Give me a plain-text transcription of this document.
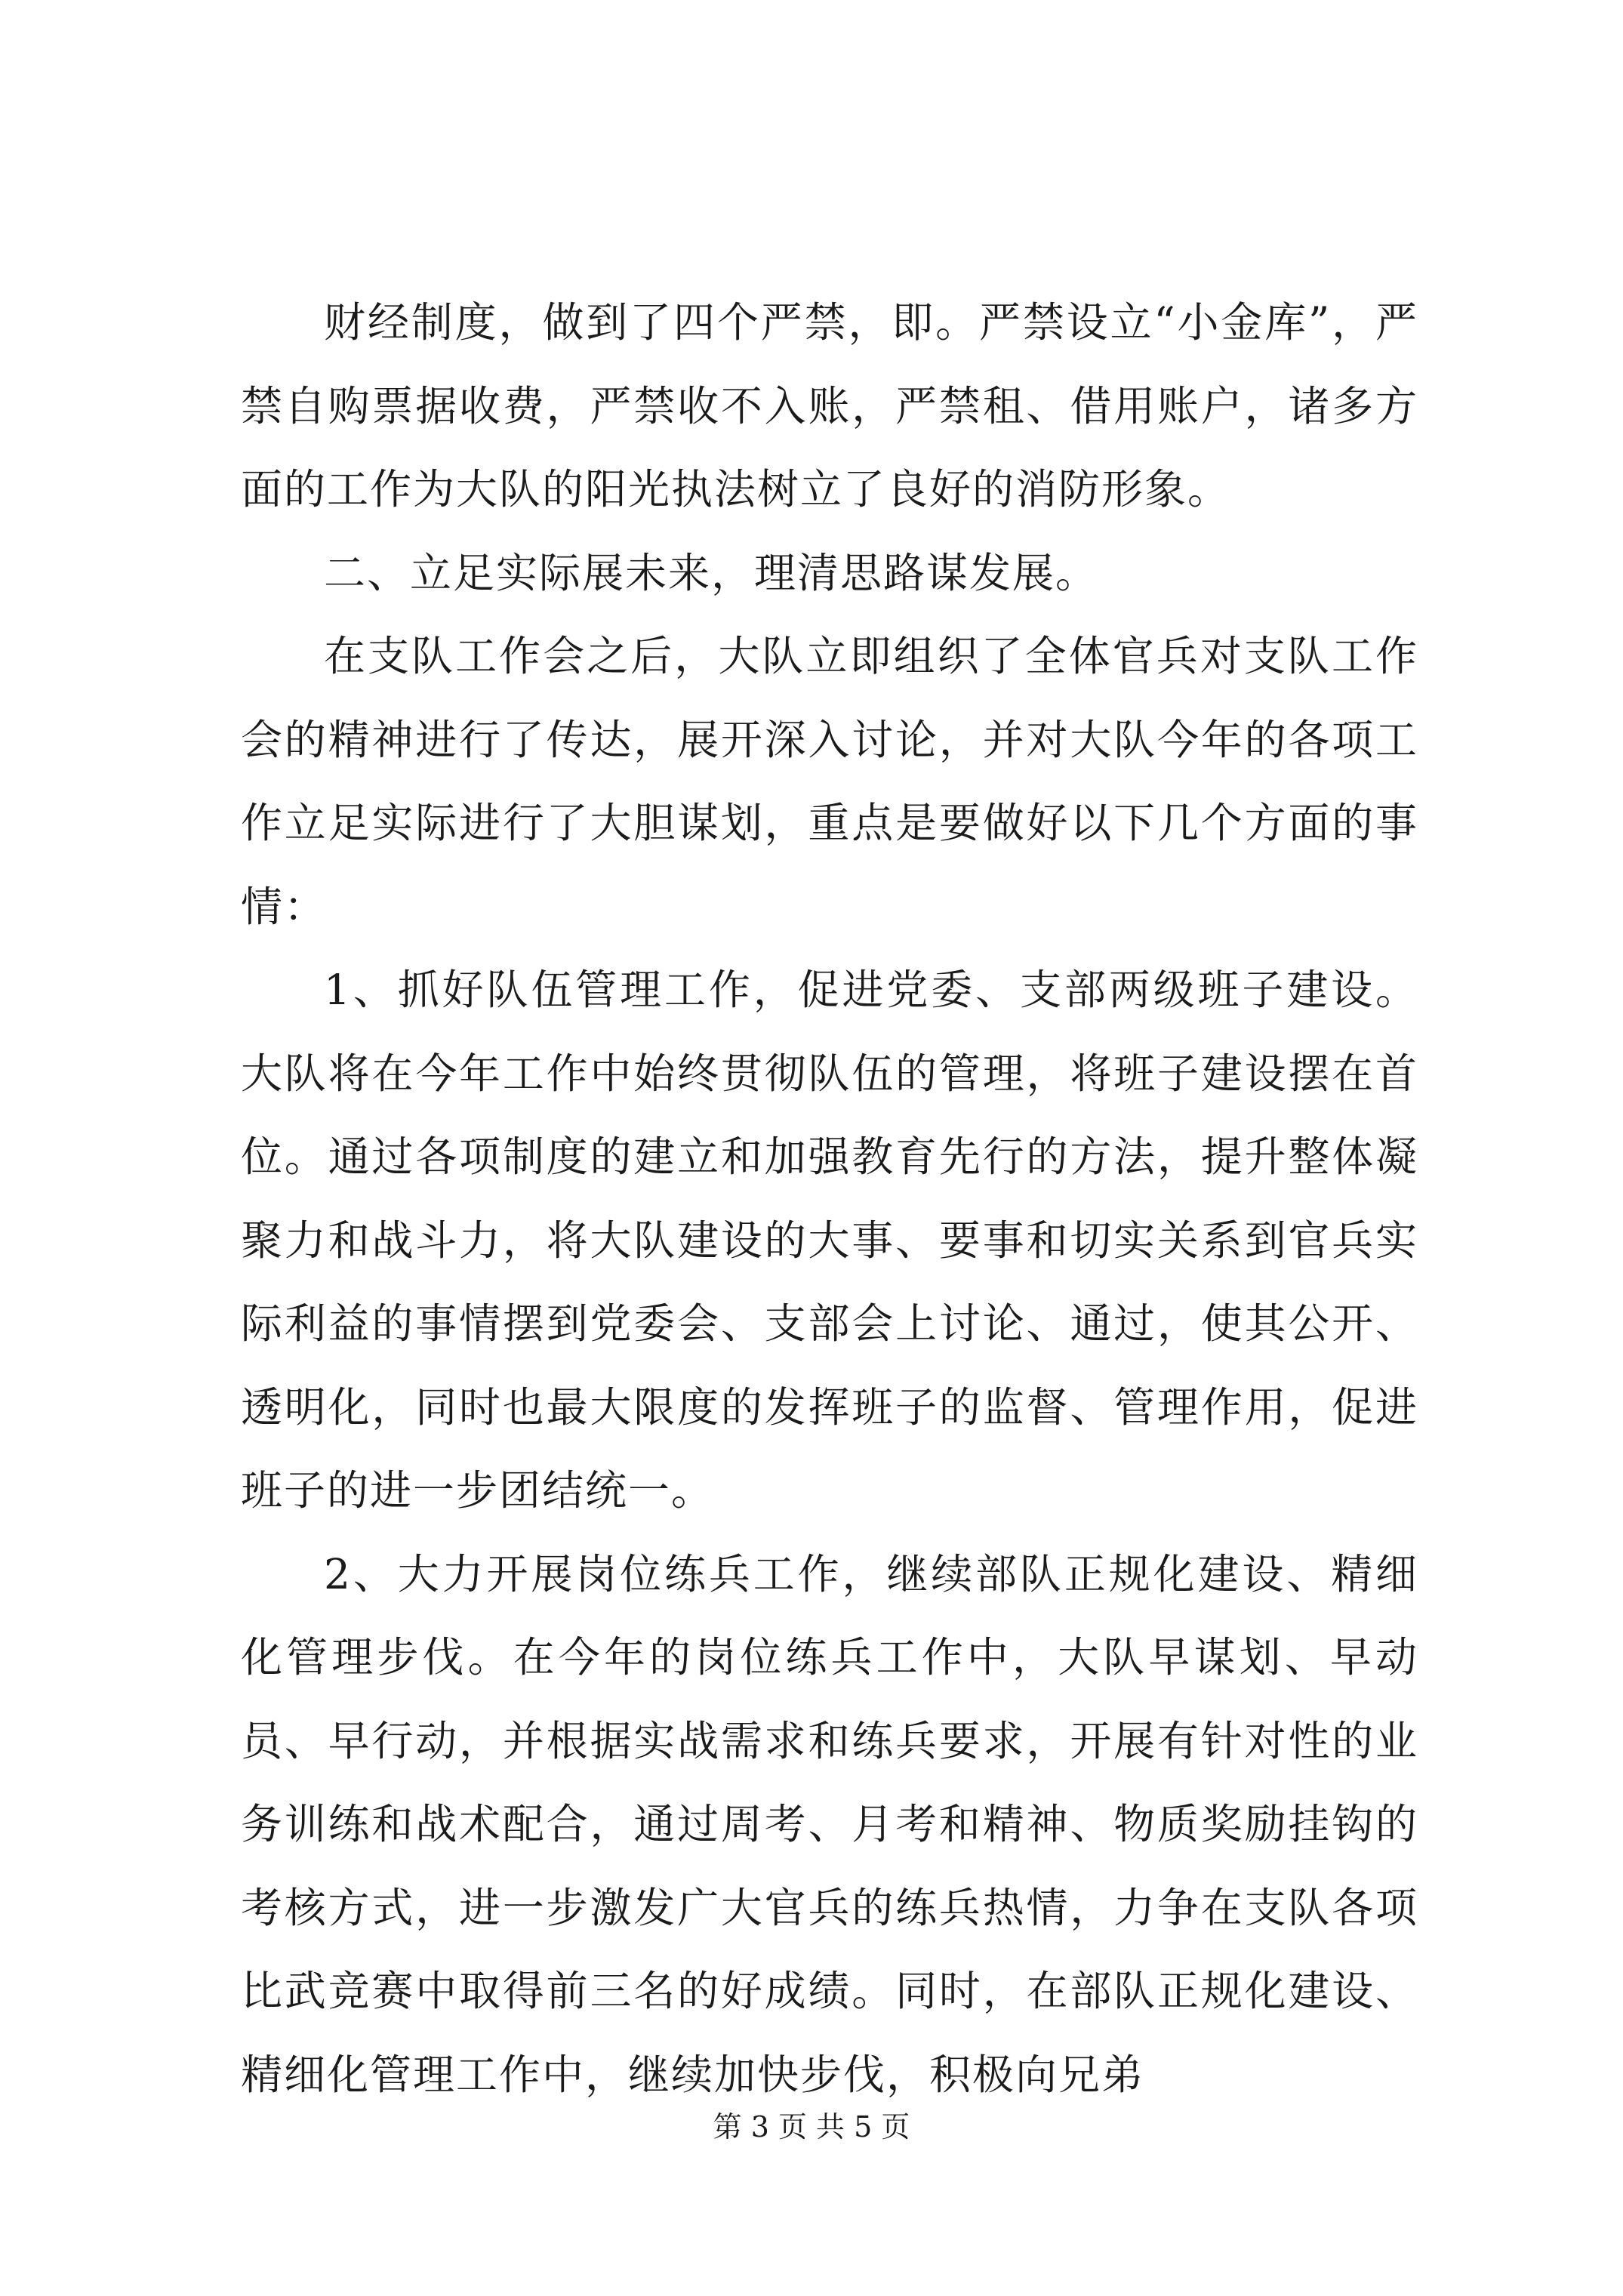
财经制度，做到了四个严禁，即。严禁设立“小金库”，严禁自购票据收费，严禁收不入账，严禁租、借用账户，诸多方面的工作为大队的阳光执法树立了良好的消防形象。

二、立足实际展未来，理清思路谋发展。

在支队工作会之后，大队立即组织了全体官兵对支队工作会的精神进行了传达，展开深入讨论，并对大队今年的各项工作立足实际进行了大胆谋划，重点是要做好以下几个方面的事情：

1、抓好队伍管理工作，促进党委、支部两级班子建设。大队将在今年工作中始终贯彻队伍的管理，将班子建设摆在首位。通过各项制度的建立和加强教育先行的方法，提升整体凝聚力和战斗力，将大队建设的大事、要事和切实关系到官兵实际利益的事情摆到党委会、支部会上讨论、通过，使其公开、透明化，同时也最大限度的发挥班子的监督、管理作用，促进班子的进一步团结统一。

2、大力开展岗位练兵工作，继续部队正规化建设、精细化管理步伐。在今年的岗位练兵工作中，大队早谋划、早动员、早行动，并根据实战需求和练兵要求，开展有针对性的业务训练和战术配合，通过周考、月考和精神、物质奖励挂钩的考核方式，进一步激发广大官兵的练兵热情，力争在支队各项比武竞赛中取得前三名的好成绩。同时，在部队正规化建设、精细化管理工作中，继续加快步伐，积极向兄弟

第 3 页 共 5 页
